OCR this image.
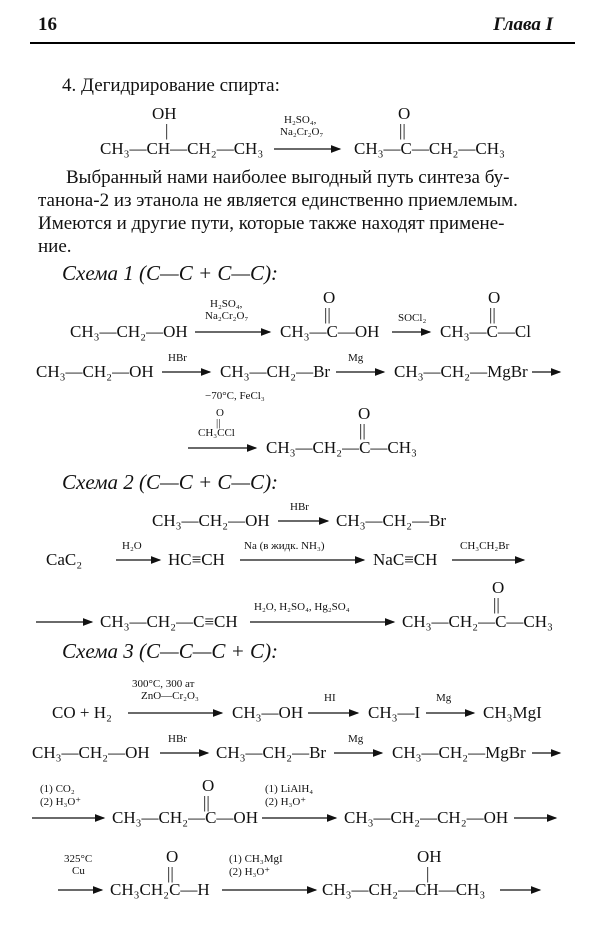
16	Глава I
4. Дегидрирование спирта:
OH
|
CH₃—CH—CH₂—CH₃
H₂SO₄,
Na₂Cr₂O₇
O
||
CH₃—C—CH₂—CH₃
Выбранный нами наиболее выгодный путь синтеза бу-
танона-2 из этанола не является единственно приемлемым.
Имеются и другие пути, которые также находят примене-
ние.
Схема 1 (С—С + С—С):
H₂SO₄,
Na₂Cr₂O₇
CH₃—CH₂—OH
O
||
CH₃—C—OH
SOCl₂
O
||
CH₃—C—Cl
CH₃—CH₂—OH
HBr
CH₃—CH₂—Br
Mg
CH₃—CH₂—MgBr
−70°C, FeCl₃
O
||
CH₃CCl
O
||
CH₃—CH₂—C—CH₃
Схема 2 (С—С + С—С):
HBr
CH₃—CH₂—OH	CH₃—CH₂—Br
CaC₂
H₂O
HC≡CH
Na (в жидк. NH₃)
NaC≡CH
CH₃CH₂Br
CH₃—CH₂—C≡CH
H₂O, H₂SO₄, Hg₂SO₄
O
||
CH₃—CH₂—C—CH₃
Схема 3 (С—С—С + С):
300°C, 300 ат
ZnO—Cr₂O₃
CO + H₂	CH₃—OH
HI
CH₃—I
Mg
CH₃MgI
CH₃—CH₂—OH
HBr
CH₃—CH₂—Br
Mg
CH₃—CH₂—MgBr
(1) CO₂
(2) H₃O⁺
O
||
CH₃—CH₂—C—OH
(1) LiAlH₄
(2) H₃O⁺
CH₃—CH₂—CH₂—OH
325°C
Cu
O
||
CH₃CH₂C—H
(1) CH₃MgI
(2) H₃O⁺
OH
|
CH₃—CH₂—CH—CH₃
